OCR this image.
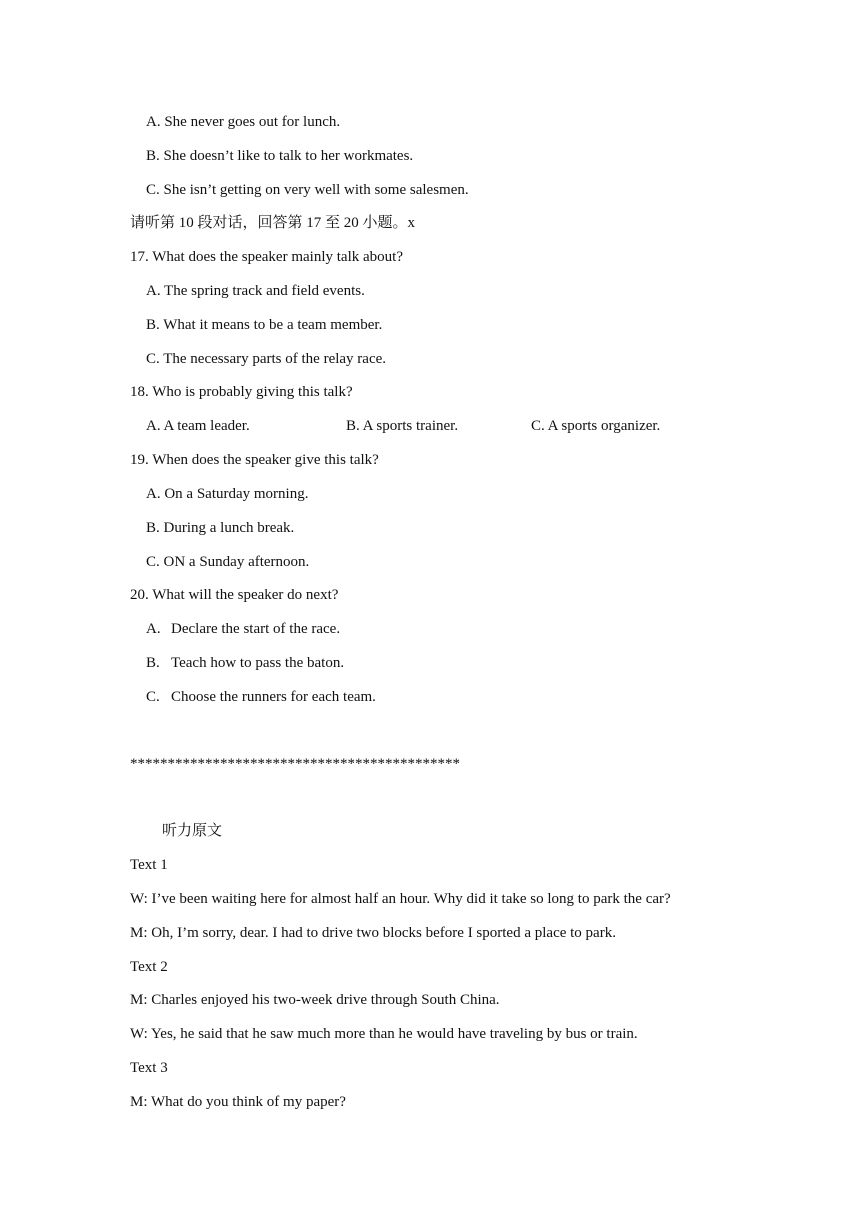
A. She never goes out for lunch.
B. She doesn’t like to talk to her workmates.
C. She isn’t getting on very well with some salesmen.
请听第 10 段对话，回答第 17 至 20 小题。x
17. What does the speaker mainly talk about?
A. The spring track and field events.
B. What it means to be a team member.
C. The necessary parts of the relay race.
18. Who is probably giving this talk?
A. A team leader.	B. A sports trainer.	C. A sports organizer.
19. When does the speaker give this talk?
A. On a Saturday morning.
B. During a lunch break.
C. ON a Sunday afternoon.
20. What will the speaker do next?
A. Declare the start of the race.
B. Teach how to pass the baton.
C. Choose the runners for each team.
********************************************
听力原文
Text 1
W: I’ve been waiting here for almost half an hour. Why did it take so long to park the car?
M: Oh, I’m sorry, dear. I had to drive two blocks before I sported a place to park.
Text 2
M: Charles enjoyed his two-week drive through South China.
W: Yes, he said that he saw much more than he would have traveling by bus or train.
Text 3
M: What do you think of my paper?
